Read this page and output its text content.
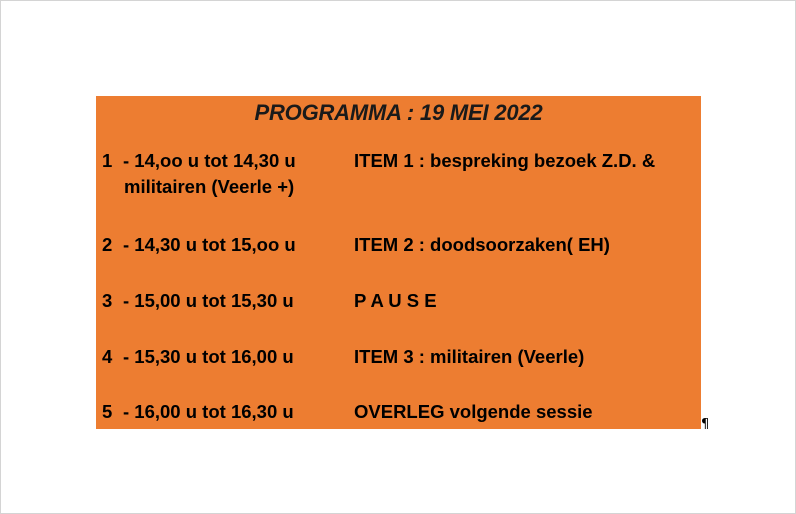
PROGRAMMA : 19 MEI 2022
1 - 14,oo u tot 14,30 u	ITEM 1 : bespreking bezoek Z.D. &
militairen (Veerle +)
2 - 14,30 u tot 15,oo u	ITEM 2 : doodsoorzaken( EH)
3 - 15,00 u tot 15,30 u	P A U S E
4 - 15,30 u tot 16,00 u	ITEM 3 : militairen (Veerle)
5 - 16,00 u tot 16,30 u	OVERLEG volgende sessie
¶
